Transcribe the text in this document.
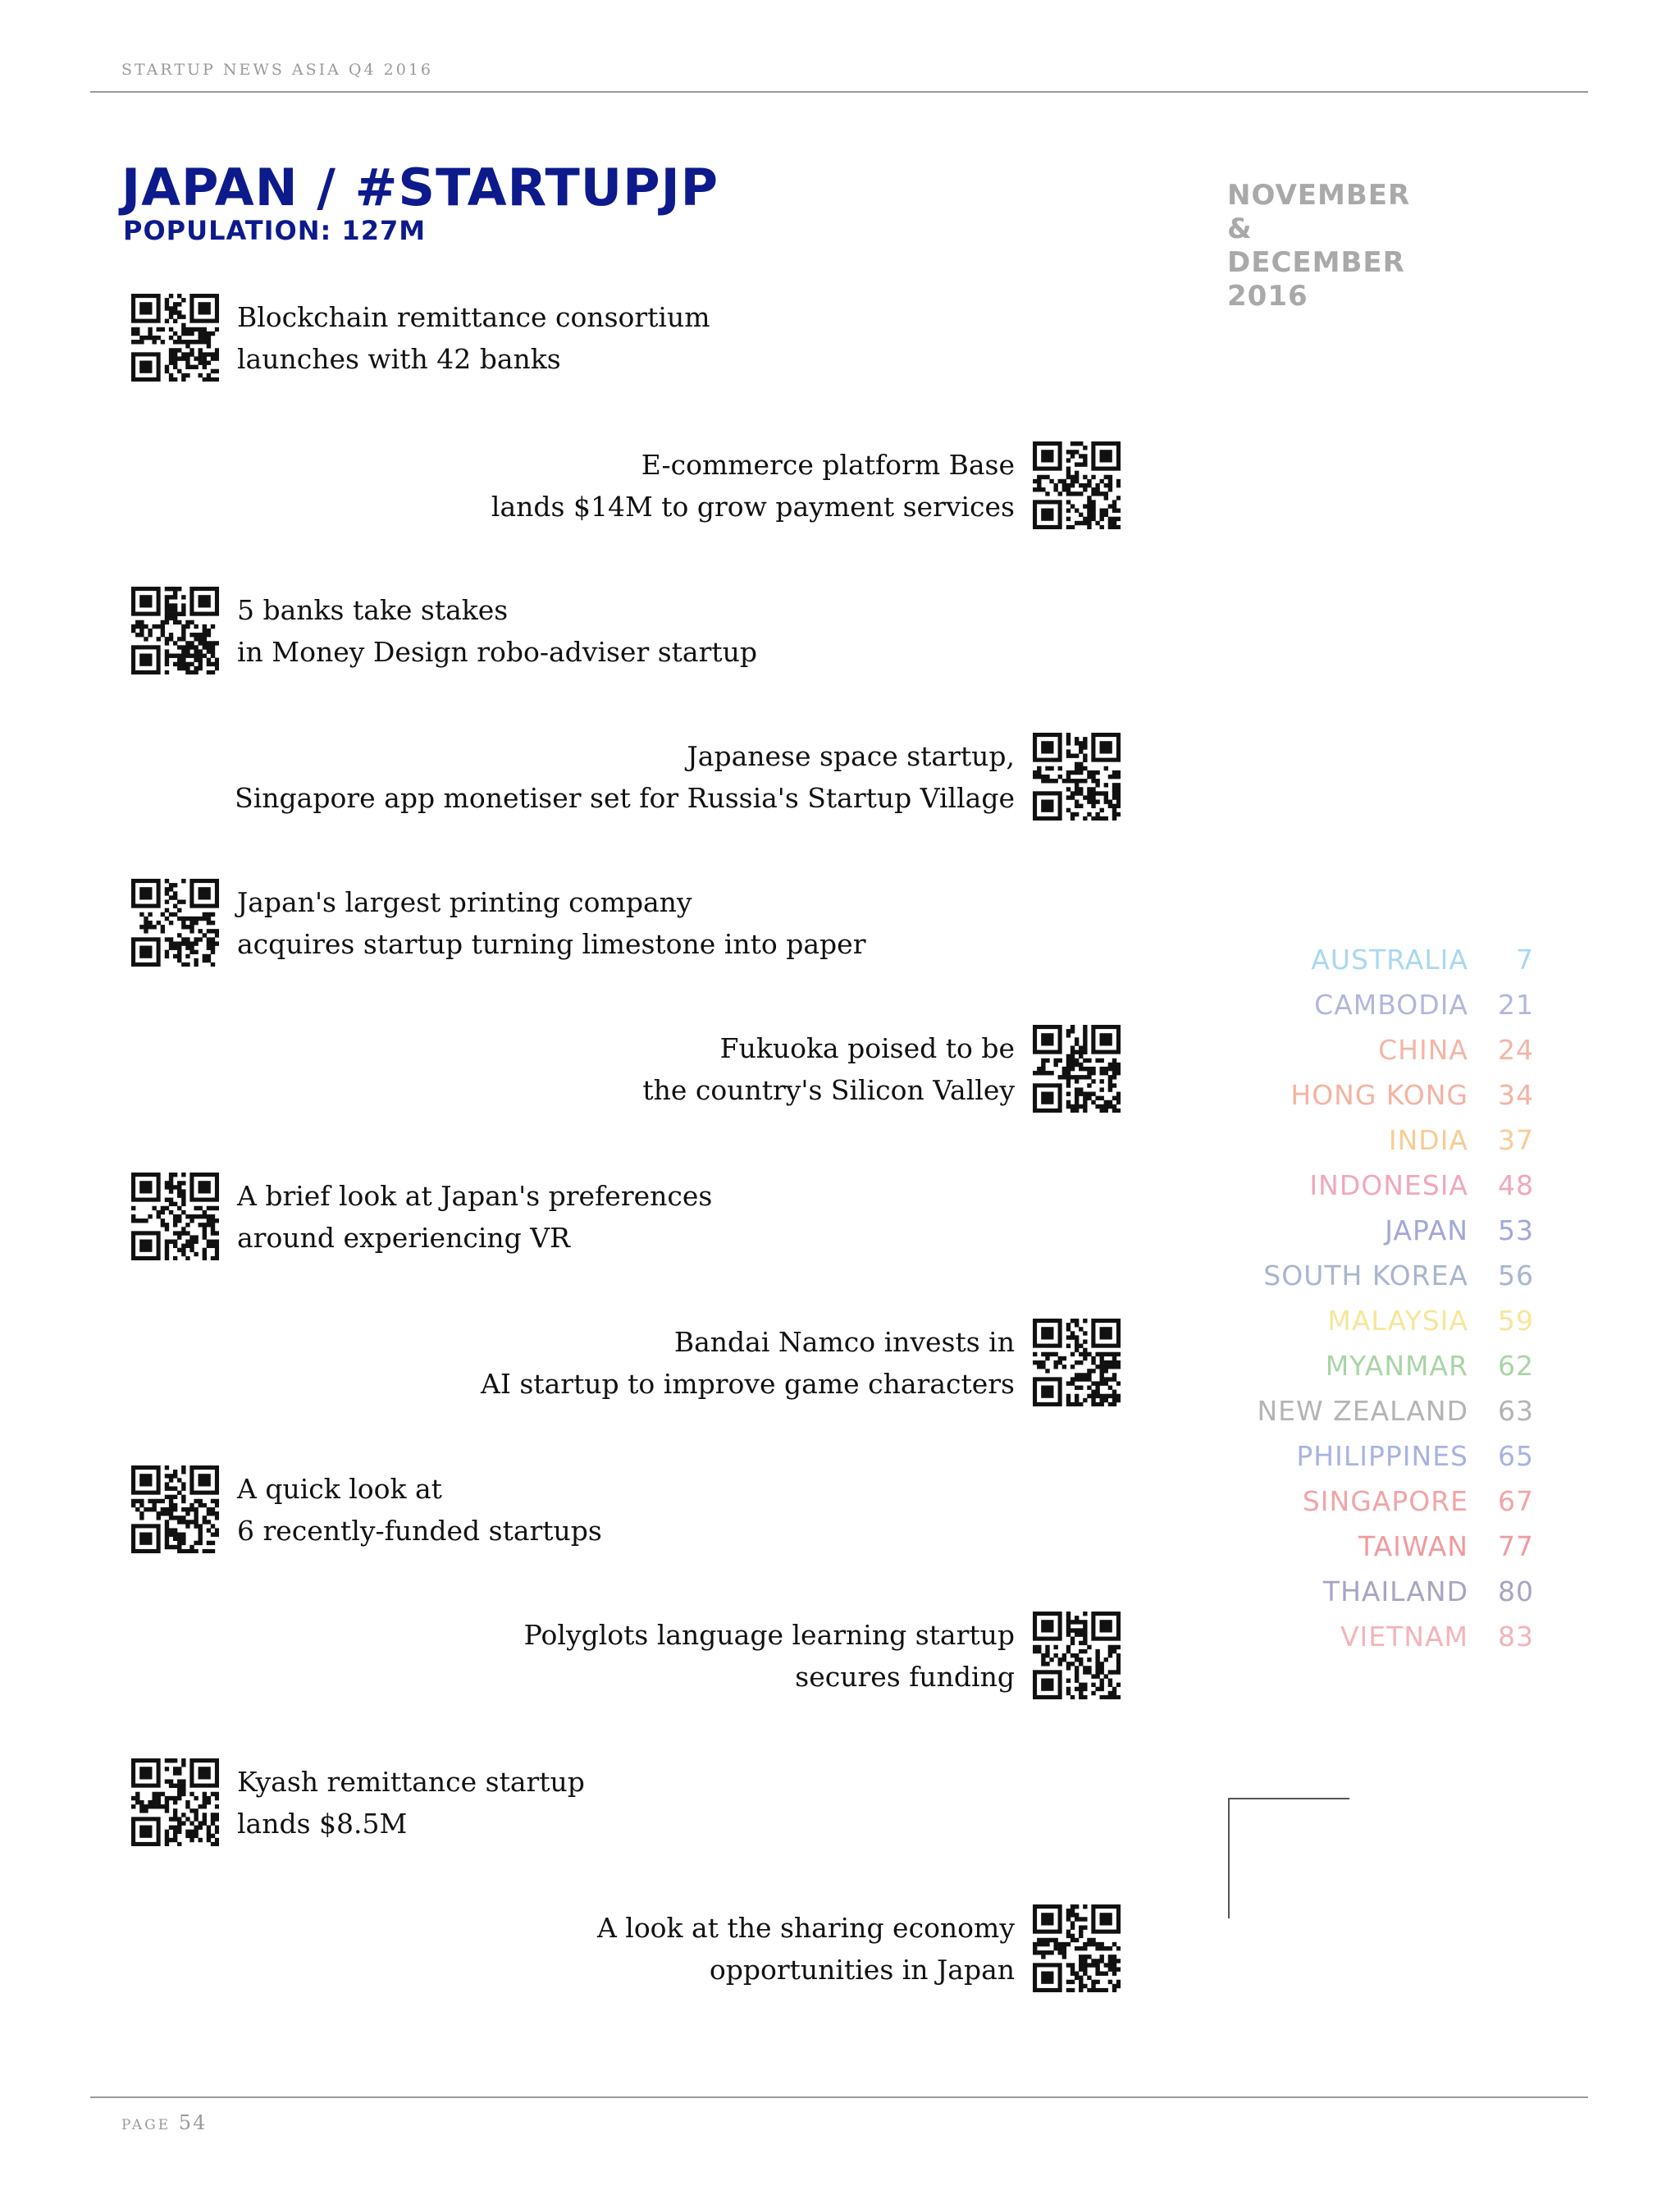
STARTUP NEWS ASIA Q4 2016
JAPAN / #STARTUPJP
POPULATION: 127M
NOVEMBER
&
DECEMBER
2016
Blockchain remittance consortium
launches with 42 banks
E-commerce platform Base
lands $14M to grow payment services
5 banks take stakes
in Money Design robo-adviser startup
Japanese space startup,
Singapore app monetiser set for Russia's Startup Village
Japan's largest printing company
acquires startup turning limestone into paper
Fukuoka poised to be
the country's Silicon Valley
A brief look at Japan's preferences
around experiencing VR
Bandai Namco invests in
AI startup to improve game characters
A quick look at
6 recently-funded startups
Polyglots language learning startup
secures funding
Kyash remittance startup
lands $8.5M
A look at the sharing economy
opportunities in Japan
AUSTRALIA 7
CAMBODIA 21
CHINA 24
HONG KONG 34
INDIA 37
INDONESIA 48
JAPAN 53
SOUTH KOREA 56
MALAYSIA 59
MYANMAR 62
NEW ZEALAND 63
PHILIPPINES 65
SINGAPORE 67
TAIWAN 77
THAILAND 80
VIETNAM 83
PAGE 54
